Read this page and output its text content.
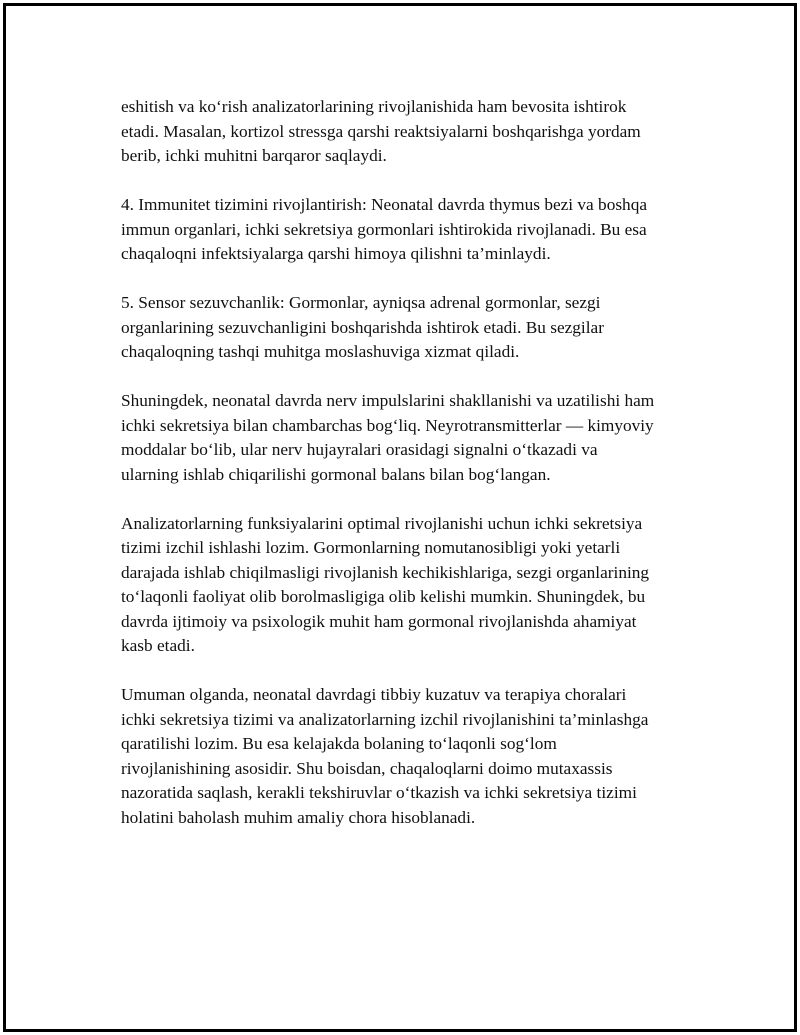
eshitish va ko‘rish analizatorlarining rivojlanishida ham bevosita ishtirok
etadi. Masalan, kortizol stressga qarshi reaktsiyalarni boshqarishga yordam
berib, ichki muhitni barqaror saqlaydi.

4. Immunitet tizimini rivojlantirish: Neonatal davrda thymus bezi va boshqa
immun organlari, ichki sekretsiya gormonlari ishtirokida rivojlanadi. Bu esa
chaqaloqni infektsiyalarga qarshi himoya qilishni ta’minlaydi.

5. Sensor sezuvchanlik: Gormonlar, ayniqsa adrenal gormonlar, sezgi
organlarining sezuvchanligini boshqarishda ishtirok etadi. Bu sezgilar
chaqaloqning tashqi muhitga moslashuviga xizmat qiladi.

Shuningdek, neonatal davrda nerv impulslarini shakllanishi va uzatilishi ham
ichki sekretsiya bilan chambarchas bog‘liq. Neyrotransmitterlar — kimyoviy
moddalar bo‘lib, ular nerv hujayralari orasidagi signalni o‘tkazadi va
ularning ishlab chiqarilishi gormonal balans bilan bog‘langan.

Analizatorlarning funksiyalarini optimal rivojlanishi uchun ichki sekretsiya
tizimi izchil ishlashi lozim. Gormonlarning nomutanosibligi yoki yetarli
darajada ishlab chiqilmasligi rivojlanish kechikishlariga, sezgi organlarining
to‘laqonli faoliyat olib borolmasligiga olib kelishi mumkin. Shuningdek, bu
davrda ijtimoiy va psixologik muhit ham gormonal rivojlanishda ahamiyat
kasb etadi.

Umuman olganda, neonatal davrdagi tibbiy kuzatuv va terapiya choralari
ichki sekretsiya tizimi va analizatorlarning izchil rivojlanishini ta’minlashga
qaratilishi lozim. Bu esa kelajakda bolaning to‘laqonli sog‘lom
rivojlanishining asosidir. Shu boisdan, chaqaloqlarni doimo mutaxassis
nazoratida saqlash, kerakli tekshiruvlar o‘tkazish va ichki sekretsiya tizimi
holatini baholash muhim amaliy chora hisoblanadi.
